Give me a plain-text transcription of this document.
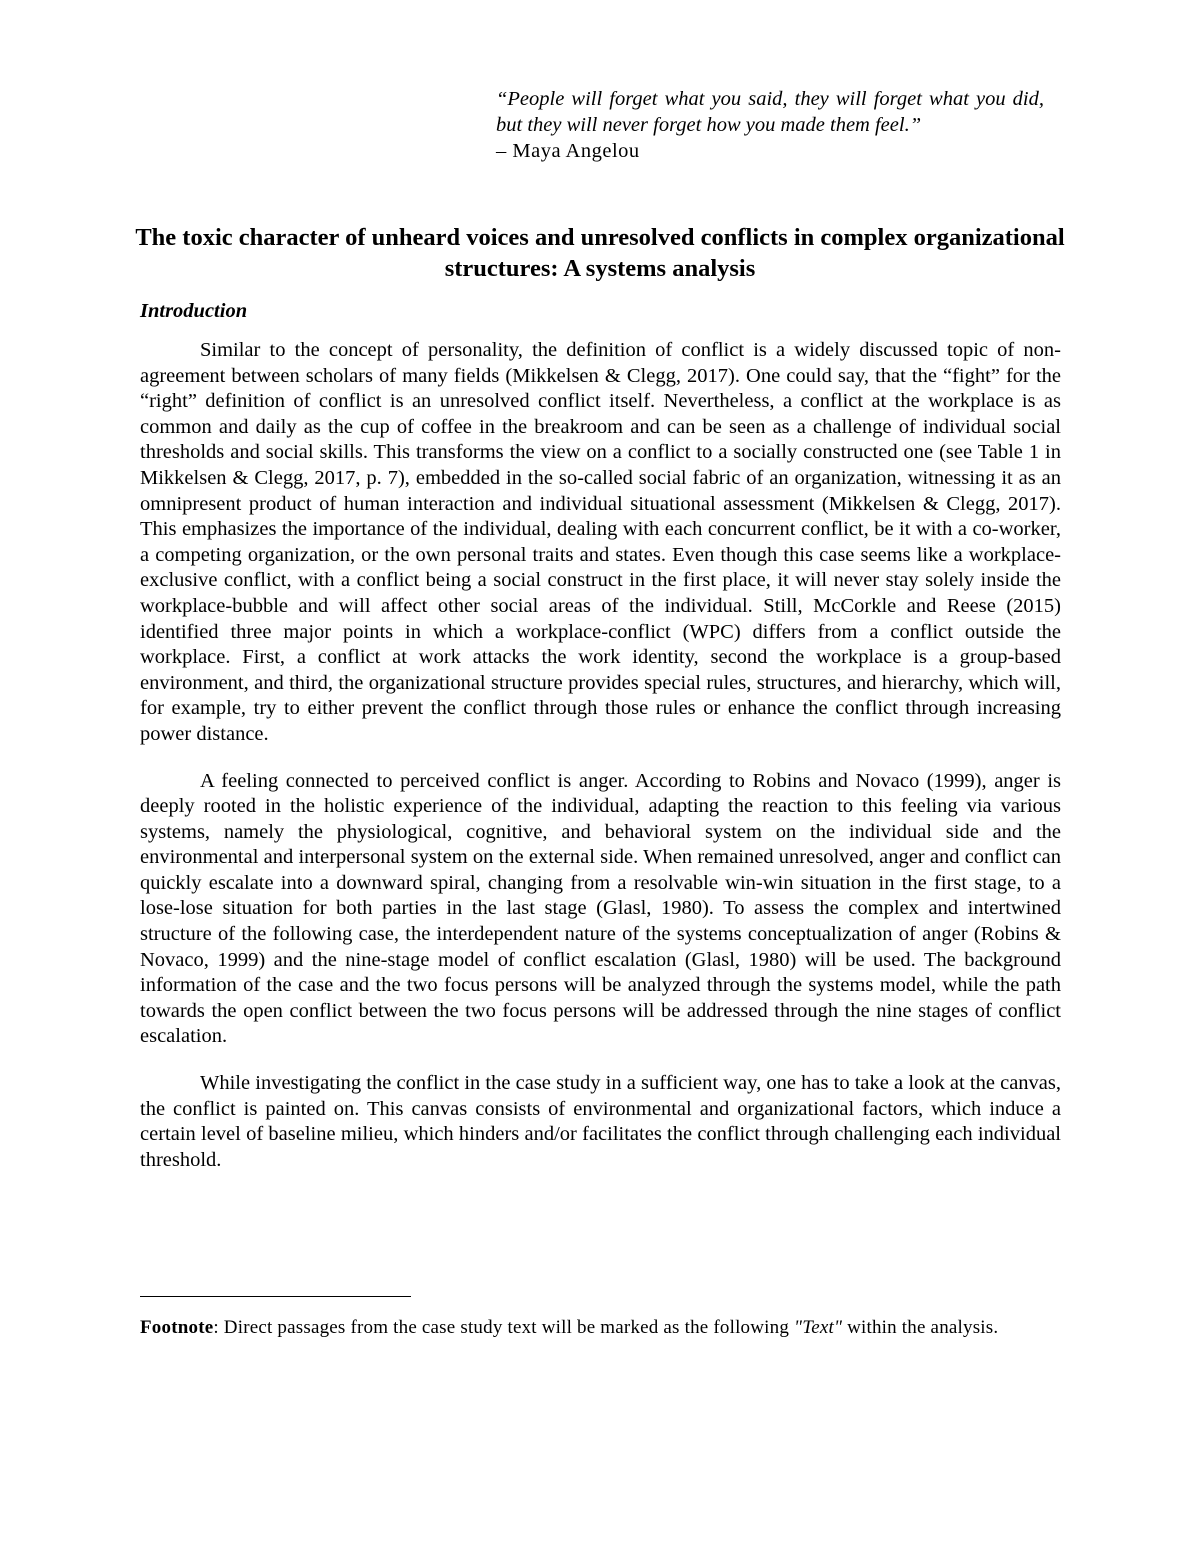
“People will forget what you said, they will forget what you did, but they will never forget how you made them feel.”
– Maya Angelou
The toxic character of unheard voices and unresolved conflicts in complex organizational structures: A systems analysis
Introduction

Similar to the concept of personality, the definition of conflict is a widely discussed topic of non-agreement between scholars of many fields (Mikkelsen & Clegg, 2017). One could say, that the “fight” for the “right” definition of conflict is an unresolved conflict itself. Nevertheless, a conflict at the workplace is as common and daily as the cup of coffee in the breakroom and can be seen as a challenge of individual social thresholds and social skills. This transforms the view on a conflict to a socially constructed one (see Table 1 in Mikkelsen & Clegg, 2017, p. 7), embedded in the so-called social fabric of an organization, witnessing it as an omnipresent product of human interaction and individual situational assessment (Mikkelsen & Clegg, 2017). This emphasizes the importance of the individual, dealing with each concurrent conflict, be it with a co-worker, a competing organization, or the own personal traits and states. Even though this case seems like a workplace-exclusive conflict, with a conflict being a social construct in the first place, it will never stay solely inside the workplace-bubble and will affect other social areas of the individual. Still, McCorkle and Reese (2015) identified three major points in which a workplace-conflict (WPC) differs from a conflict outside the workplace. First, a conflict at work attacks the work identity, second the workplace is a group-based environment, and third, the organizational structure provides special rules, structures, and hierarchy, which will, for example, try to either prevent the conflict through those rules or enhance the conflict through increasing power distance.

A feeling connected to perceived conflict is anger. According to Robins and Novaco (1999), anger is deeply rooted in the holistic experience of the individual, adapting the reaction to this feeling via various systems, namely the physiological, cognitive, and behavioral system on the individual side and the environmental and interpersonal system on the external side. When remained unresolved, anger and conflict can quickly escalate into a downward spiral, changing from a resolvable win-win situation in the first stage, to a lose-lose situation for both parties in the last stage (Glasl, 1980). To assess the complex and intertwined structure of the following case, the interdependent nature of the systems conceptualization of anger (Robins & Novaco, 1999) and the nine-stage model of conflict escalation (Glasl, 1980) will be used. The background information of the case and the two focus persons will be analyzed through the systems model, while the path towards the open conflict between the two focus persons will be addressed through the nine stages of conflict escalation.

While investigating the conflict in the case study in a sufficient way, one has to take a look at the canvas, the conflict is painted on. This canvas consists of environmental and organizational factors, which induce a certain level of baseline milieu, which hinders and/or facilitates the conflict through challenging each individual threshold.

Footnote: Direct passages from the case study text will be marked as the following "Text" within the analysis.
